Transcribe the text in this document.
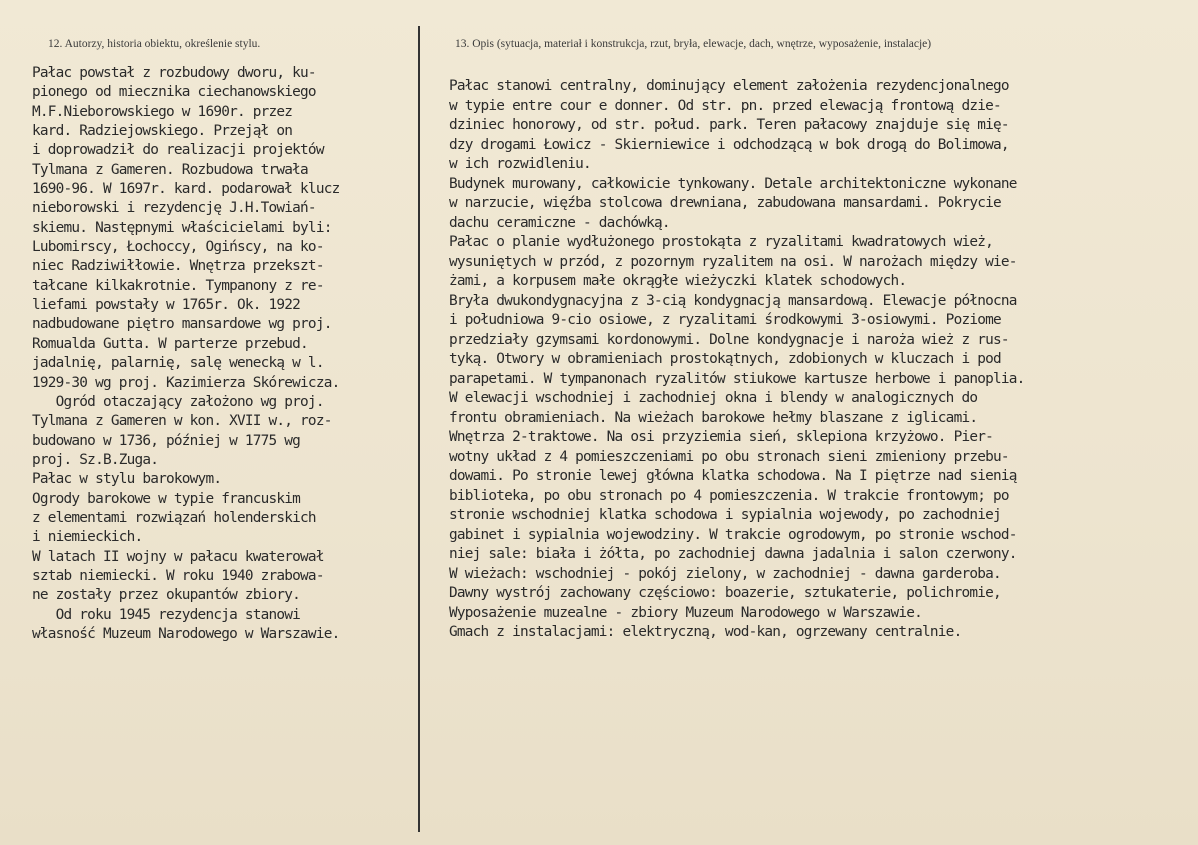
12. Autorzy, historia obiektu, określenie stylu.	13. Opis (sytuacja, materiał i konstrukcja, rzut, bryła, elewacje, dach, wnętrze, wyposażenie, instalacje)
Pałac powstał z rozbudowy dworu, ku-
pionego od miecznika ciechanowskiego
M.F.Nieborowskiego w 1690r. przez
kard. Radziejowskiego. Przejął on
i doprowadził do realizacji projektów
Tylmana z Gameren. Rozbudowa trwała
1690-96. W 1697r. kard. podarował klucz
nieborowski i rezydencję J.H.Towiań-
skiemu. Następnymi właścicielami byli:
Lubomirscy, Łochoccy, Ogińscy, na ko-
niec Radziwiłłowie. Wnętrza przekszt-
tałcane kilkakrotnie. Tympanony z re-
liefami powstały w 1765r. Ok. 1922
nadbudowane piętro mansardowe wg proj.
Romualda Gutta. W parterze przebud.
jadalnię, palarnię, salę wenecką w l.
1929-30 wg proj. Kazimierza Skórewicza.
Ogród otaczający założono wg proj.
Tylmana z Gameren w kon. XVII w., roz-
budowano w 1736, później w 1775 wg
proj. Sz.B.Zuga.
Pałac w stylu barokowym.
Ogrody barokowe w typie francuskim
z elementami rozwiązań holenderskich
i niemieckich.
W latach II wojny w pałacu kwaterował
sztab niemiecki. W roku 1940 zrabowa-
ne zostały przez okupantów zbiory.
Od roku 1945 rezydencja stanowi
własność Muzeum Narodowego w Warszawie.
Pałac stanowi centralny, dominujący element założenia rezydencjonalnego
w typie entre cour e donner. Od str. pn. przed elewacją frontową dzie-
dziniec honorowy, od str. połud. park. Teren pałacowy znajduje się mię-
dzy drogami Łowicz - Skierniewice i odchodzącą w bok drogą do Bolimowa,
w ich rozwidleniu.
Budynek murowany, całkowicie tynkowany. Detale architektoniczne wykonane
w narzucie, więźba stolcowa drewniana, zabudowana mansardami. Pokrycie
dachu ceramiczne - dachówką.
Pałac o planie wydłużonego prostokąta z ryzalitami kwadratowych wież,
wysuniętych w przód, z pozornym ryzalitem na osi. W narożach między wie-
żami, a korpusem małe okrągłe wieżyczki klatek schodowych.
Bryła dwukondygnacyjna z 3-cią kondygnacją mansardową. Elewacje północna
i południowa 9-cio osiowe, z ryzalitami środkowymi 3-osiowymi. Poziome
przedziały gzymsami kordonowymi. Dolne kondygnacje i naroża wież z rus-
tyką. Otwory w obramieniach prostokątnych, zdobionych w kluczach i pod
parapetami. W tympanonach ryzalitów stiukowe kartusze herbowe i panoplia.
W elewacji wschodniej i zachodniej okna i blendy w analogicznych do
frontu obramieniach. Na wieżach barokowe hełmy blaszane z iglicami.
Wnętrza 2-traktowe. Na osi przyziemia sień, sklepiona krzyżowo. Pier-
wotny układ z 4 pomieszczeniami po obu stronach sieni zmieniony przebu-
dowami. Po stronie lewej główna klatka schodowa. Na I piętrze nad sienią
biblioteka, po obu stronach po 4 pomieszczenia. W trakcie frontowym; po
stronie wschodniej klatka schodowa i sypialnia wojewody, po zachodniej
gabinet i sypialnia wojewodziny. W trakcie ogrodowym, po stronie wschod-
niej sale: biała i żółta, po zachodniej dawna jadalnia i salon czerwony.
W wieżach: wschodniej - pokój zielony, w zachodniej - dawna garderoba.
Dawny wystrój zachowany częściowo: boazerie, sztukaterie, polichromie,
Wyposażenie muzealne - zbiory Muzeum Narodowego w Warszawie.
Gmach z instalacjami: elektryczną, wod-kan, ogrzewany centralnie.
